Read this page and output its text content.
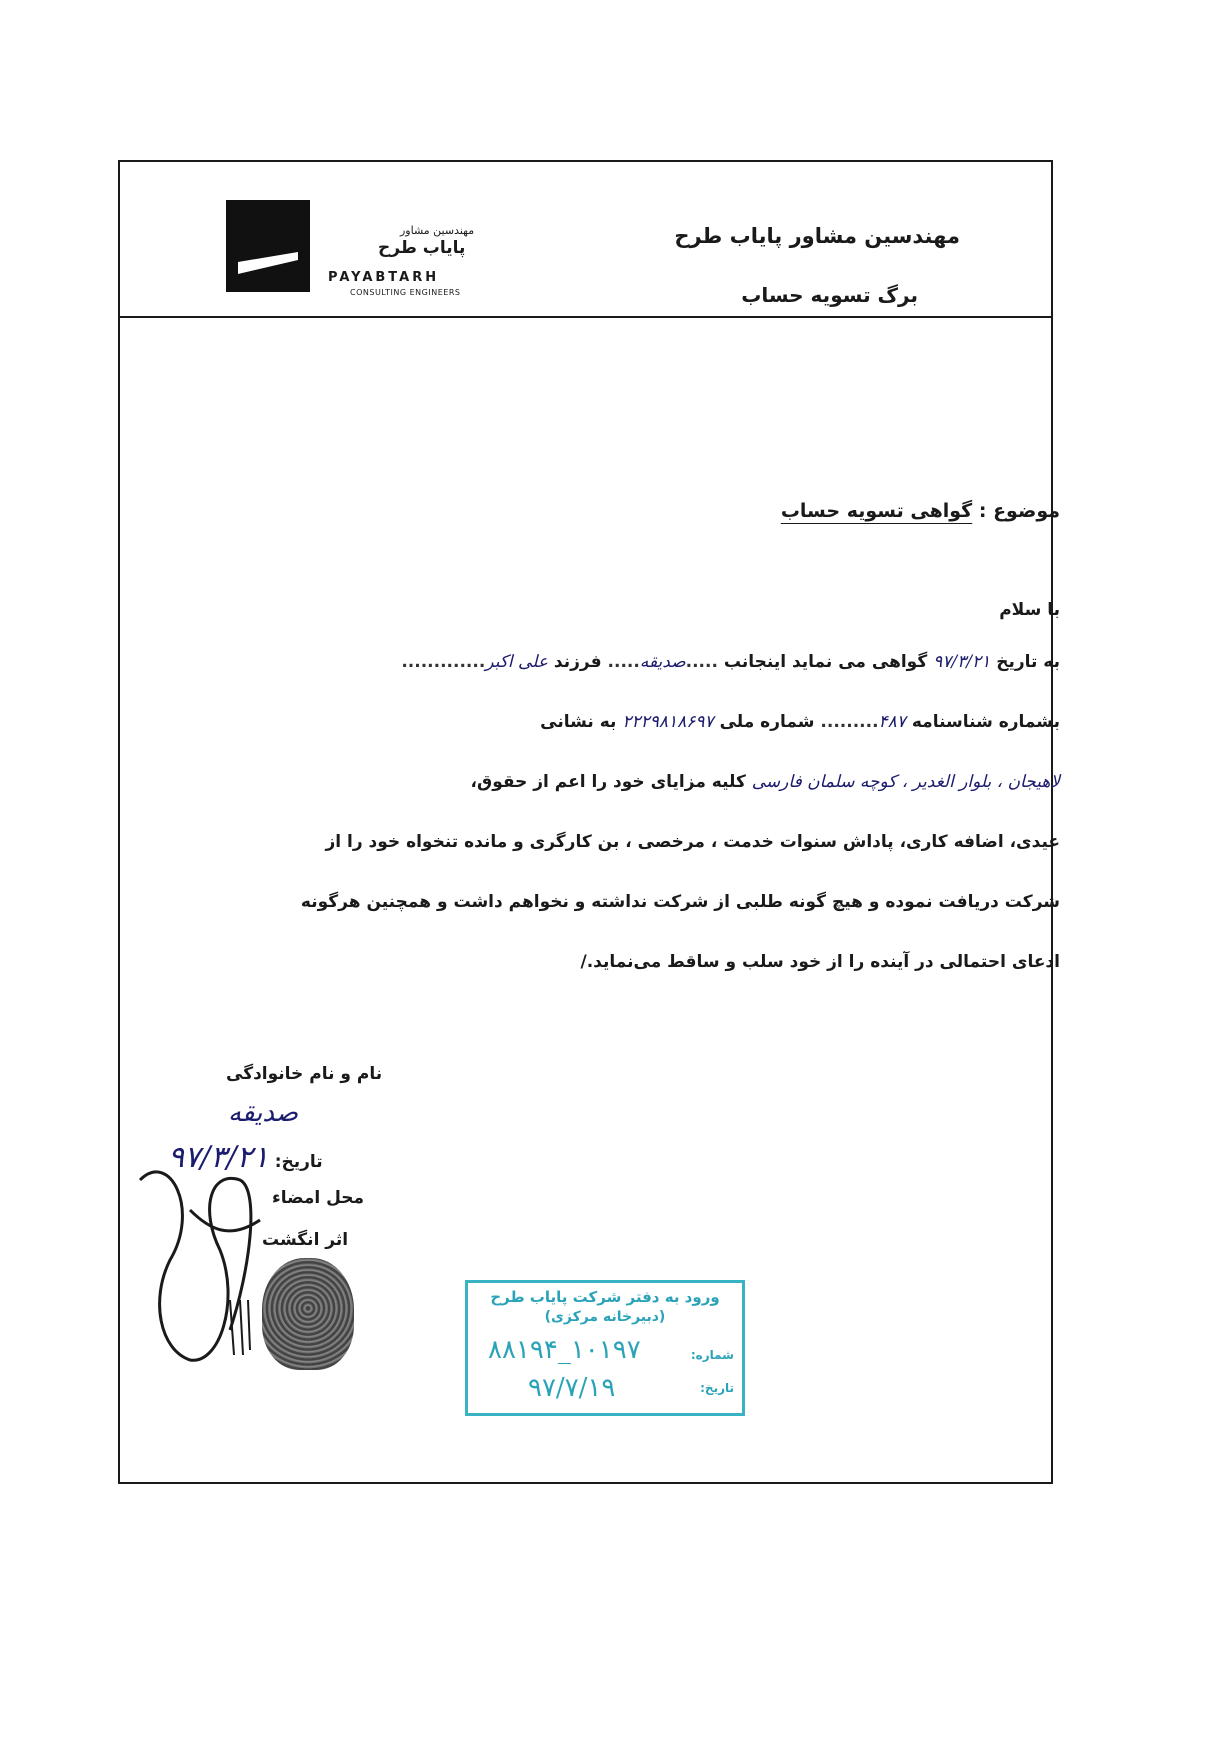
مهندسین مشاور
پایاب طرح
PAYABTARH
CONSULTING ENGINEERS
مهندسین مشاور پایاب طرح
برگ تسویه حساب
موضوع : گواهی تسویه حساب
با سلام
به تاریخ ۹۷/۳/۲۱ گواهی می نماید اینجانب .....صدیقه..... فرزند علی اکبر.............
بشماره شناسنامه ۴۸۷......... شماره ملی ۲۲۲۹۸۱۸۶۹۷ به نشانی
لاهیجان ، بلوار الغدیر ، کوچه سلمان فارسی کلیه مزایای خود را اعم از حقوق،
عیدی، اضافه کاری، پاداش سنوات خدمت ، مرخصی ، بن کارگری و مانده تنخواه خود را از
شرکت دریافت نموده و هیچ گونه طلبی از شرکت نداشته و نخواهم داشت و همچنین هرگونه
ادعای احتمالی در آینده را از خود سلب و ساقط می‌نماید./
نام و نام خانوادگی
صدیقه
تاریخ: ۹۷/۳/۲۱
محل امضاء
اثر انگشت
ورود به دفتر شرکت پایاب طرح
(دبیرخانه مرکزی)
شماره:
۱۰۱۹۷_۸۸۱۹۴
تاریخ:
۹۷/۷/۱۹
